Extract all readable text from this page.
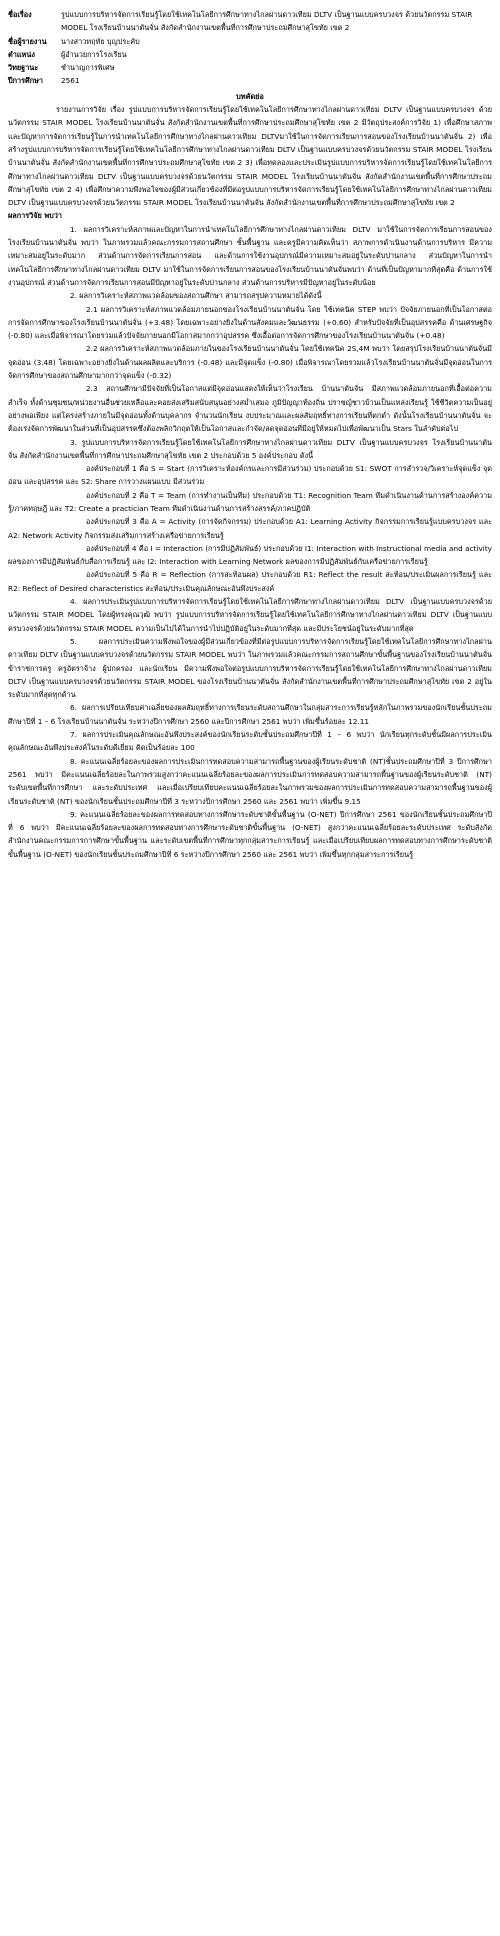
ชื่อเรื่อง	รูปแบบการบริหารจัดการเรียนรู้โดยใช้เทคโนโลยีการศึกษาทางไกลผ่านดาวเทียม DLTV เป็นฐานแบบครบวงจร ด้วยนวัตกรรม STAIR MODEL โรงเรียนบ้านนาตันจั่น สังกัดสำนักงานเขตพื้นที่การศึกษาประถมศึกษาสุโขทัย เขต 2
ชื่อผู้รายงาน	นางสาวทฤทัย บุญประคับ
ตำแหน่ง	ผู้อำนวยการโรงเรียน
วิทยฐานะ	ชำนาญการพิเศษ
ปีการศึกษา	2561
บทคัดย่อ
รายงานการวิจัย เรื่อง รูปแบบการบริหารจัดการเรียนรู้โดยใช้เทคโนโลยีการศึกษาทางไกลผ่านดาวเทียม DLTV เป็นฐานแบบครบวงจร ด้วยนวัตกรรม STAIR MODEL โรงเรียนบ้านนาตันจั่น สังกัดสำนักงานเขตพื้นที่การศึกษาประถมศึกษาสุโขทัย เขต 2 มีวัตถุประสงค์การวิจัย 1) เพื่อศึกษาสภาพและปัญหาการจัดการเรียนรู้ในการนำเทคโนโลยีการศึกษาทางไกลผ่านดาวเทียม DLTVมาใช้ในการจัดการเรียนการสอนของโรงเรียนบ้านนาตันจั่น 2) เพื่อสร้างรูปแบบการบริหารจัดการเรียนรู้โดยใช้เทคโนโลยีการศึกษาทางไกลผ่านดาวเทียม DLTV เป็นฐานแบบครบวงจรด้วยนวัตกรรม STAIR MODEL โรงเรียนบ้านนาตันจั่น สังกัดสำนักงานเขตพื้นที่การศึกษาประถมศึกษาสุโขทัย เขต 2 3) เพื่อทดลองและประเมินรูปแบบการบริหารจัดการเรียนรู้โดยใช้เทคโนโลยีการศึกษาทางไกลผ่านดาวเทียม DLTV เป็นฐานแบบครบวงจรด้วยนวัตกรรม STAIR MODEL โรงเรียนบ้านนาตันจั่น สังกัดสำนักงานเขตพื้นที่การศึกษาประถมศึกษาสุโขทัย เขต 2 4) เพื่อศึกษาความพึงพอใจของผู้มีส่วนเกี่ยวข้องที่มีต่อรูปแบบการบริหารจัดการเรียนรู้โดยใช้เทคโนโลยีการศึกษาทางไกลผ่านดาวเทียม DLTV เป็นฐานแบบครบวงจรด้วยนวัตกรรม STAIR MODEL โรงเรียนบ้านนาตันจั่น สังกัดสำนักงานเขตพื้นที่การศึกษาประถมศึกษาสุโขทัย เขต 2
ผลการวิจัย พบว่า
1. ผลการวิเคราะห์สภาพและปัญหาในการนำเทคโนโลยีการศึกษาทางไกลผ่านดาวเทียม DLTV มาใช้ในการจัดการเรียนการสอนของโรงเรียนบ้านนาตันจั่น พบว่า ในภาพรวมแล้วคณะกรรมการสถานศึกษา ชั้นพื้นฐาน และครูมีความคิดเห็นว่า สภาพการดำเนินงานด้านการบริหาร มีความเหมาะสมอยู่ในระดับมาก ส่วนด้านการจัดการเรียนการสอน และด้านการใช้งานอุปกรณ์มีความเหมาะสมอยู่ในระดับปานกลาง ส่วนปัญหาในการนำเทคโนโลยีการศึกษาทางไกลผ่านดาวเทียม DLTV มาใช้ในการจัดการเรียนการสอนของโรงเรียนบ้านนาตันจั่นพบว่า ด้านที่เป็นปัญหามากที่สุดคือ ด้านการใช้งานอุปกรณ์ ส่วนด้านการจัดการเรียนการสอนมีปัญหาอยู่ในระดับปานกลาง ส่วนด้านการบริหารมีปัญหาอยู่ในระดับน้อย
2. ผลการวิเคราะห์สภาพแวดล้อมของสถานศึกษา สามารถสรุปความหมายได้ดังนี้
2.1 ผลการวิเคราะห์สภาพแวดล้อมภายนอกของโรงเรียนบ้านนาตันจั่น โดย ใช้เทคนิค STEP พบว่า ปัจจัยภายนอกที่เป็นโอกาสต่อการจัดการศึกษาของโรงเรียนบ้านนาตันจั่น (+3.48) โดยเฉพาะอย่างยิ่งในด้านสังคมและวัฒนธรรม (+0.60) สำหรับปัจจัยที่เป็นอุปสรรคคือ ด้านเศรษฐกิจ (-0.80) และเมื่อพิจารณาโดยรวมแล้วปัจจัยภายนอกมีโอกาสมากกว่าอุปสรรค ซึ่งเอื้อต่อการจัดการศึกษาของโรงเรียนบ้านนาตันจั่น (+0.48)
2.2 ผลการวิเคราะห์สภาพแวดล้อมภายในของโรงเรียนบ้านนาตันจั่น โดยใช้เทคนิค 2S,4M พบว่า โดยสรุปโรงเรียนบ้านนาตันจั่นมีจุดอ่อน (3.48) โดยเฉพาะอย่างยิ่งในด้านผลผลิตและบริการ (-0.48) และมีจุดแข็ง (-0.80) เมื่อพิจารณาโดยรวมแล้วโรงเรียนบ้านนาตันจั่นมีจุดอ่อนในการจัดการศึกษาของสถานศึกษามากกว่าจุดแข็ง (-0.32)
2.3 สถานศึกษามีปัจจัยที่เป็นโอกาสแต่มีจุดอ่อนแสดงให้เห็นว่าโรงเรียน บ้านนาตันจั่น มีสภาพแวดล้อมภายนอกที่เอื้อต่อความสำเร็จ ทั้งด้านชุมชน/หน่วยงานอื่นช่วยเหลือและคอยส่งเสริมสนับสนุนอย่างสม่ำเสมอ ภูมิปัญญาท้องถิ่น ปราชญ์ชาวบ้านเป็นแหล่งเรียนรู้ ใช้ชีวิตความเป็นอยู่อย่างพอเพียง แต่โครงสร้างภายในมีจุดอ่อนทั้งด้านบุคลากร จำนวนนักเรียน งบประมาณและผลสัมฤทธิ์ทางการเรียนที่ตกต่ำ ดังนั้นโรงเรียนบ้านนาตันจั่น จะต้องเร่งจัดการพัฒนาในส่วนที่เป็นอุปสรรคซึ่งต้องพลิกวิกฤตให้เป็นโอกาสและกำจัด/ลดจุดอ่อนที่มีอยู่ให้หมดไปเพื่อพัฒนาเป็น Stars ในลำดับต่อไป
3. รูปแบบการบริหารจัดการเรียนรู้โดยใช้เทคโนโลยีการศึกษาทางไกลผ่านดาวเทียม DLTV เป็นฐานแบบครบวงจร โรงเรียนบ้านนาตันจั่น สังกัดสำนักงานเขตพื้นที่การศึกษาประถมศึกษาสุโขทัย เขต 2 ประกอบด้วย 5 องค์ประกอบ ดังนี้
องค์ประกอบที่ 1 คือ S = Start (การวิเคราะห์องค์กรและการมีส่วนร่วม) ประกอบด้วย S1: SWOT การสำรวจ/วิเคราะห์จุดแข็ง จุดอ่อน และอุปสรรค และ S2: Share การวางแผนแบบ มีส่วนร่วม
องค์ประกอบที่ 2 คือ T = Team (การทำงานเป็นทีม) ประกอบด้วย T1: Recognition Team ทีมดำเนินงานด้านการสร้างองค์ความรู้/ภาคทฤษฎี และ T2: Create a practician Team ทีมดำเนินงานด้านการสร้างสรรค์/ภาคปฏิบัติ
องค์ประกอบที่ 3 คือ A = Activity (การจัดกิจกรรม) ประกอบด้วย A1: Learning Activity กิจกรรมการเรียนรู้แบบครบวงจร และ A2: Network Activity กิจกรรมส่งเสริมการสร้างเครือข่ายการเรียนรู้
องค์ประกอบที่ 4 คือ I = Interaction (การมีปฏิสัมพันธ์) ประกอบด้วย I1: Interaction with Instructional media and activity ผลของการมีปฏิสัมพันธ์กับสื่อการเรียนรู้ และ I2: Interaction with Learning Network ผลของการมีปฏิสัมพันธ์กับเครือข่ายการเรียนรู้
องค์ประกอบที่ 5 คือ R = Reflection (การสะท้อนผล) ประกอบด้วย R1: Reflect the result สะท้อน/ประเมินผลการเรียนรู้ และ R2: Reflect of Desired characteristics สะท้อน/ประเมินคุณลักษณะอันพึงประสงค์
4. ผลการประเมินรูปแบบการบริหารจัดการเรียนรู้โดยใช้เทคโนโลยีการศึกษาทางไกลผ่านดาวเทียม DLTV เป็นฐานแบบครบวงจรด้วยนวัตกรรม STAIR MODEL โดยผู้ทรงคุณวุฒิ พบว่า รูปแบบการบริหารจัดการเรียนรู้โดยใช้เทคโนโลยีการศึกษาทางไกลผ่านดาวเทียม DLTV เป็นฐานแบบครบวงจรด้วยนวัตกรรม STAIR MODEL ความเป็นไปได้ในการนำไปปฏิบัติอยู่ในระดับมากที่สุด และมีประโยชน์อยู่ในระดับมากที่สุด
5. ผลการประเมินความพึงพอใจของผู้มีส่วนเกี่ยวข้องที่มีต่อรูปแบบการบริหารจัดการเรียนรู้โดยใช้เทคโนโลยีการศึกษาทางไกลผ่านดาวเทียม DLTV เป็นฐานแบบครบวงจรด้วยนวัตกรรม STAIR MODEL พบว่า ในภาพรวมแล้วคณะกรรมการสถานศึกษาขั้นพื้นฐานของโรงเรียนบ้านนาตันจั่น ข้าราชการครู ครูอัตราจ้าง ผู้ปกครอง และนักเรียน มีความพึงพอใจต่อรูปแบบการบริหารจัดการเรียนรู้โดยใช้เทคโนโลยีการศึกษาทางไกลผ่านดาวเทียม DLTV เป็นฐานแบบครบวงจรด้วยนวัตกรรม STAIR MODEL ของโรงเรียนบ้านนาตันจั่น สังกัดสำนักงานเขตพื้นที่การศึกษาประถมศึกษาสุโขทัย เขต 2 อยู่ในระดับมากที่สุดทุกด้าน
6. ผลการเปรียบเทียบค่าเฉลี่ยของผลสัมฤทธิ์ทางการเรียนระดับสถานศึกษาในกลุ่มสาระการเรียนรู้หลักในภาพรวมของนักเรียนชั้นประถมศึกษาปีที่ 1 – 6 โรงเรียนบ้านนาตันจั่น ระหว่างปีการศึกษา 2560 และปีการศึกษา 2561 พบว่า เพิ่มขึ้นร้อยละ 12.11
7. ผลการประเมินคุณลักษณะอันพึงประสงค์ของนักเรียนระดับชั้นประถมศึกษาปีที่ 1 – 6 พบว่า นักเรียนทุกระดับชั้นมีผลการประเมินคุณลักษณะอันพึงประสงค์ในระดับดีเยี่ยม คิดเป็นร้อยละ 100
8. คะแนนเฉลี่ยร้อยละของผลการประเมินการทดสอบความสามารถพื้นฐานของผู้เรียนระดับชาติ (NT)ชั้นประถมศึกษาปีที่ 3 ปีการศึกษา 2561 พบว่า มีคะแนนเฉลี่ยร้อยละในภาพรวมสูงกว่าคะแนนเฉลี่ยร้อยละของผลการประเมินการทดสอบความสามารถพื้นฐานของผู้เรียนระดับชาติ (NT) ระดับเขตพื้นที่การศึกษา และระดับประเทศ และเมื่อเปรียบเทียบคะแนนเฉลี่ยร้อยละในภาพรวมของผลการประเมินการทดสอบความสามารถพื้นฐานของผู้เรียนระดับชาติ (NT) ของนักเรียนชั้นประถมศึกษาปีที่ 3 ระหว่างปีการศึกษา 2560 และ 2561 พบว่า เพิ่มขึ้น 9.15
9. คะแนนเฉลี่ยร้อยละของผลการทดสอบทางการศึกษาระดับชาติขั้นพื้นฐาน (O-NET) ปีการศึกษา 2561 ของนักเรียนชั้นประถมศึกษาปีที่ 6 พบว่า มีคะแนนเฉลี่ยร้อยละของผลการทดสอบทางการศึกษาระดับชาติขั้นพื้นฐาน (O-NET) สูงกว่าคะแนนเฉลี่ยร้อยละระดับประเทศ ระดับสังกัดสำนักงานคณะกรรมการการศึกษาขั้นพื้นฐาน และระดับเขตพื้นที่การศึกษาทุกกลุ่มสาระการเรียนรู้ และเมื่อเปรียบเทียบผลการทดสอบทางการศึกษาระดับชาติขั้นพื้นฐาน (O-NET) ของนักเรียนชั้นประถมศึกษาปีที่ 6 ระหว่างปีการศึกษา 2560 และ 2561 พบว่า เพิ่มขึ้นทุกกลุ่มสาระการเรียนรู้
